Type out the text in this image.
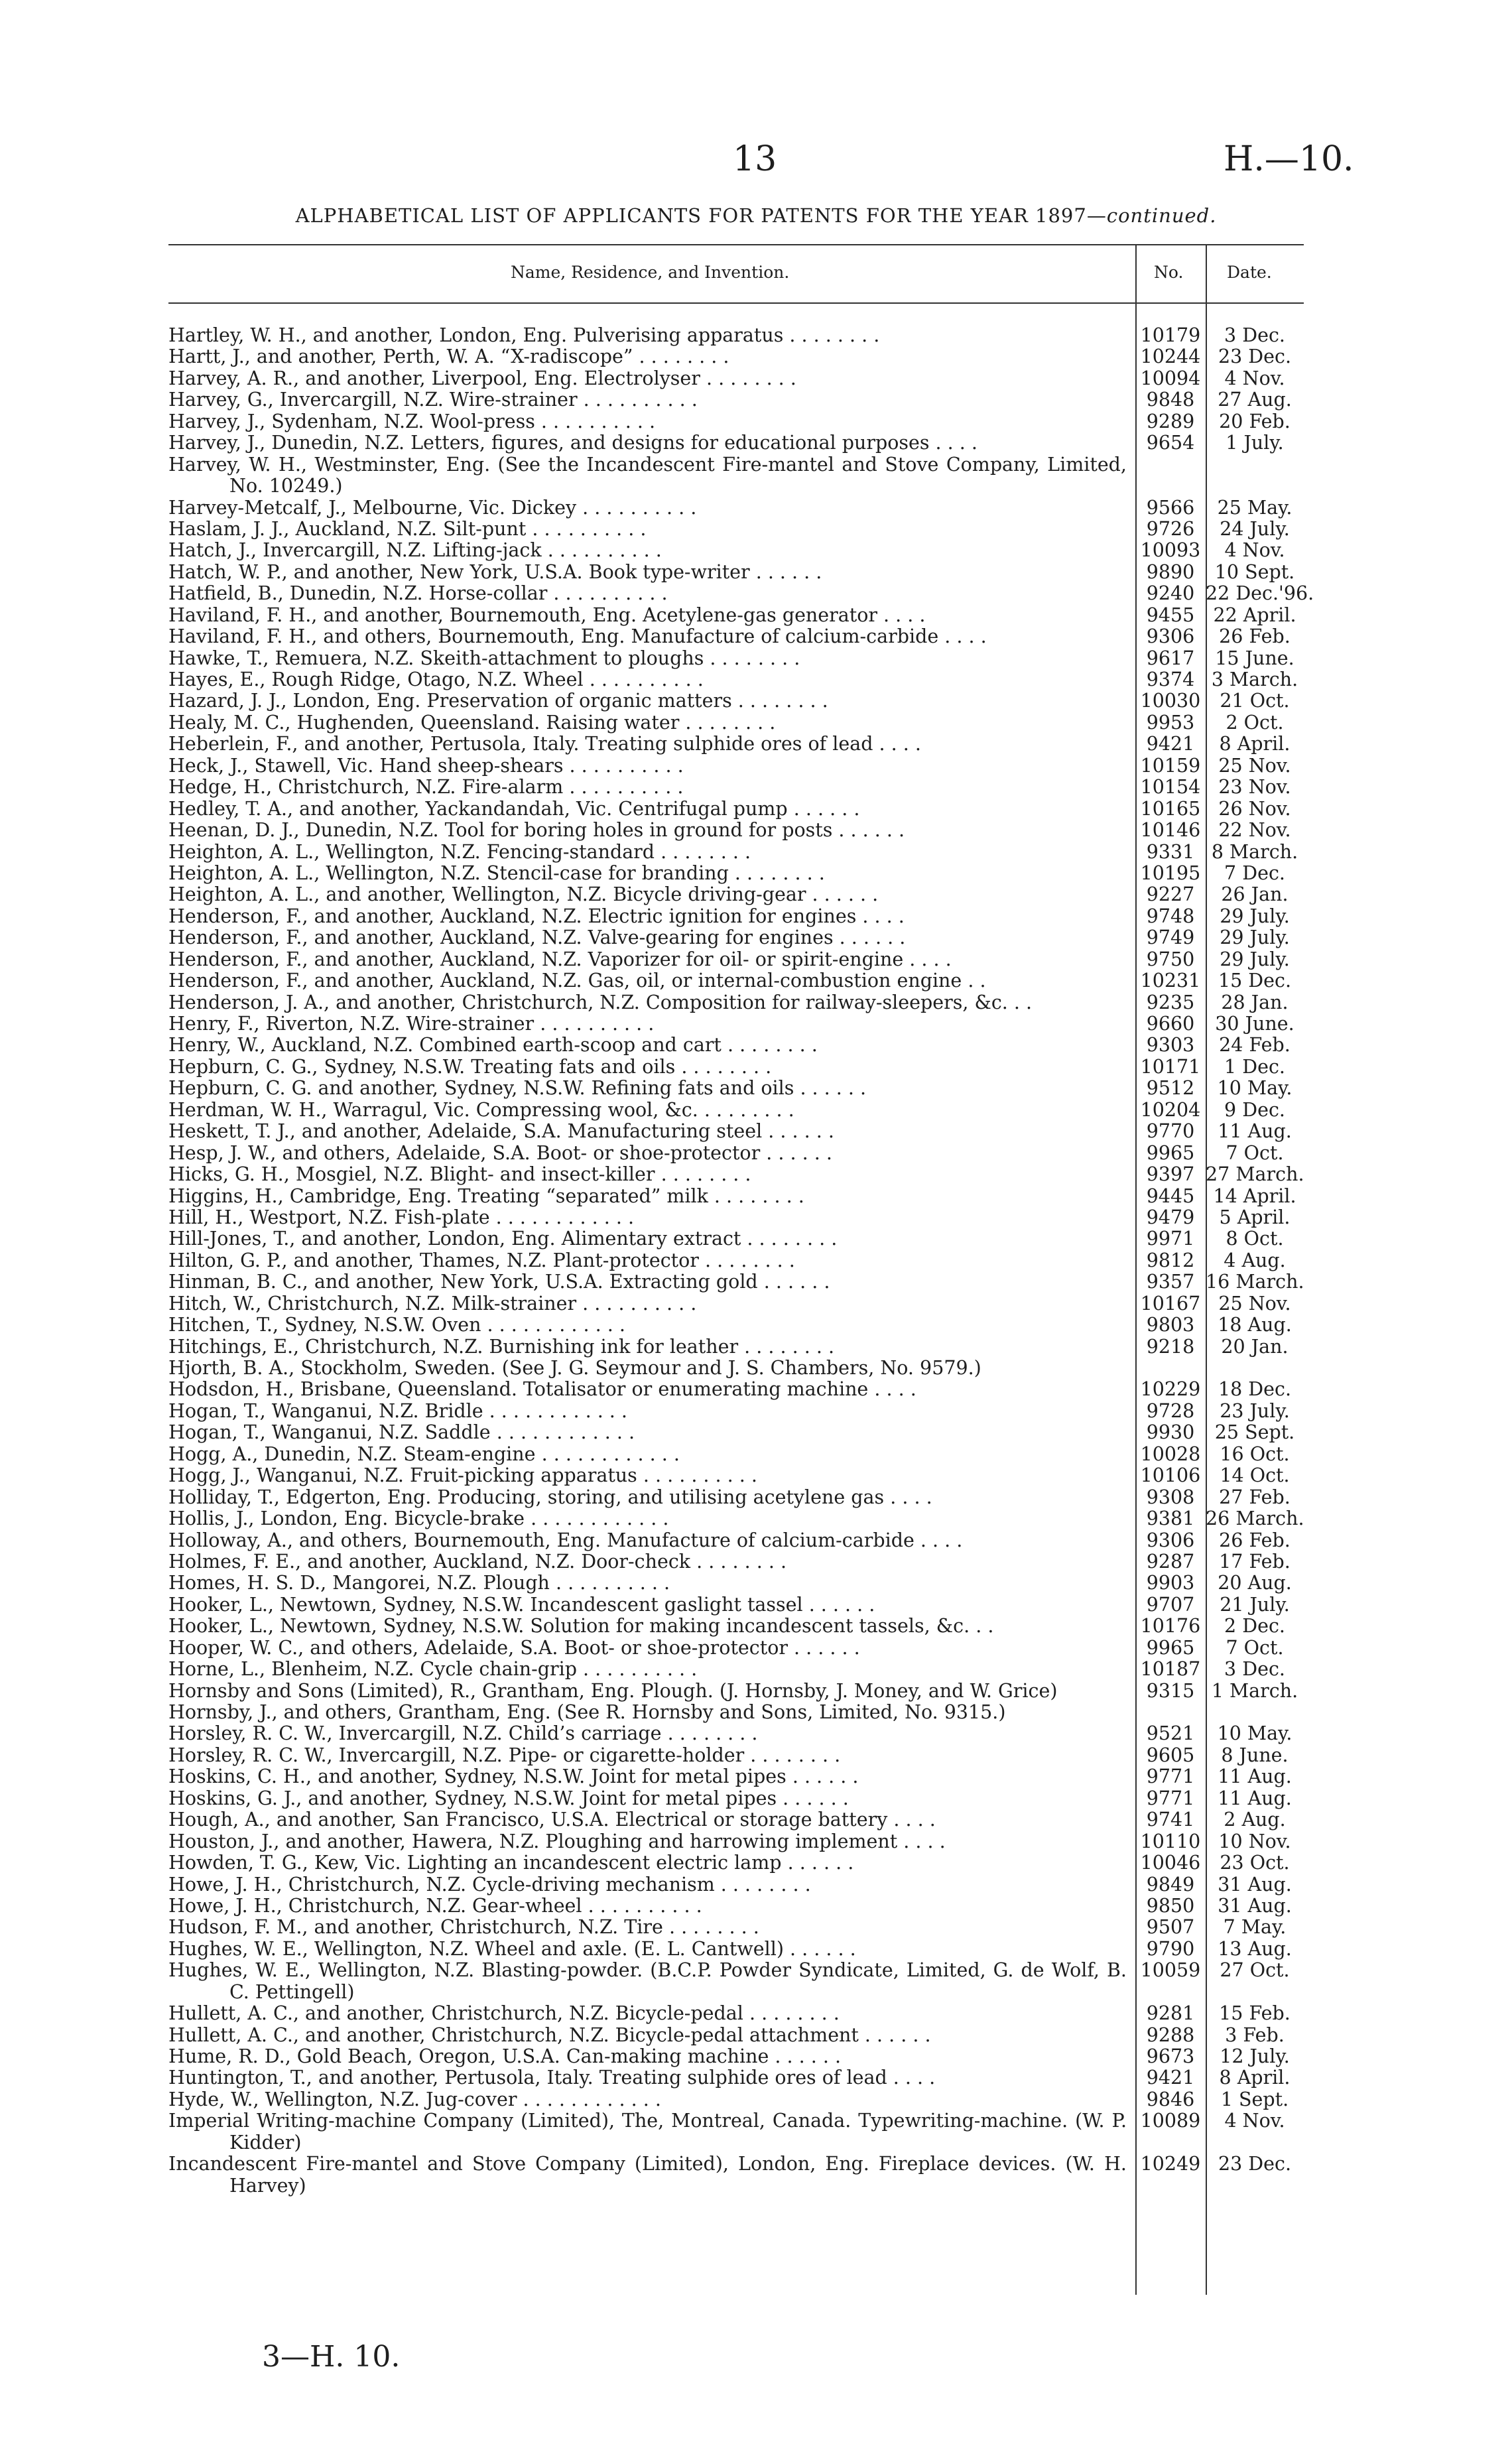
13	H.—10.
ALPHABETICAL LIST OF APPLICANTS FOR PATENTS FOR THE YEAR 1897—continued.
Name, Residence, and Invention.	No.	Date.
Hartley, W. H., and another, London, Eng. Pulverising apparatus . . . . . . . .	10179	3 Dec.
Hartt, J., and another, Perth, W. A. “X-radiscope” . . . . . . . .	10244 23 Dec.
Harvey, A. R., and another, Liverpool, Eng. Electrolyser . . . . . . . .	10094	4 Nov.
Harvey, G., Invercargill, N.Z. Wire-strainer . . . . . . . . . .	9848	27 Aug.
Harvey, J., Sydenham, N.Z. Wool-press . . . . . . . . . .	9289	20 Feb.
Harvey, J., Dunedin, N.Z. Letters, figures, and designs for educational purposes . . . .	9654	1 July.
Harvey, W. H., Westminster, Eng. (See the Incandescent Fire-mantel and Stove Company, Limited, No. 10249.)
Harvey-Metcalf, J., Melbourne, Vic. Dickey . . . . . . . . . .	9566	25 May.
Haslam, J. J., Auckland, N.Z. Silt-punt . . . . . . . . . .	9726	24 July.
Hatch, J., Invercargill, N.Z. Lifting-jack . . . . . . . . . .	10093	4 Nov.
Hatch, W. P., and another, New York, U.S.A. Book type-writer . . . . . .	9890	10 Sept.
Hatfield, B., Dunedin, N.Z. Horse-collar . . . . . . . . . .	9240 22 Dec.'96.
Haviland, F. H., and another, Bournemouth, Eng. Acetylene-gas generator . . . .	9455 22 April.
Haviland, F. H., and others, Bournemouth, Eng. Manufacture of calcium-carbide . . . .	9306	26 Feb.
Hawke, T., Remuera, N.Z. Skeith-attachment to ploughs . . . . . . . .	9617	15 June.
Hayes, E., Rough Ridge, Otago, N.Z. Wheel . . . . . . . . . .	9374 3 March.
Hazard, J. J., London, Eng. Preservation of organic matters . . . . . . . .	10030	21 Oct.
Healy, M. C., Hughenden, Queensland. Raising water . . . . . . . .	9953	2 Oct.
Heberlein, F., and another, Pertusola, Italy. Treating sulphide ores of lead . . . .	9421	8 April.
Heck, J., Stawell, Vic. Hand sheep-shears . . . . . . . . . .	10159 25 Nov.
Hedge, H., Christchurch, N.Z. Fire-alarm . . . . . . . . . .	10154 23 Nov.
Hedley, T. A., and another, Yackandandah, Vic. Centrifugal pump . . . . . .	10165 26 Nov.
Heenan, D. J., Dunedin, N.Z. Tool for boring holes in ground for posts . . . . . .	10146 22 Nov.
Heighton, A. L., Wellington, N.Z. Fencing-standard . . . . . . . .	9331 8 March.
Heighton, A. L., Wellington, N.Z. Stencil-case for branding . . . . . . . .	10195	7 Dec.
Heighton, A. L., and another, Wellington, N.Z. Bicycle driving-gear . . . . . .	9227	26 Jan.
Henderson, F., and another, Auckland, N.Z. Electric ignition for engines . . . .	9748	29 July.
Henderson, F., and another, Auckland, N.Z. Valve-gearing for engines . . . . . .	9749	29 July.
Henderson, F., and another, Auckland, N.Z. Vaporizer for oil- or spirit-engine . . . .	9750	29 July.
Henderson, F., and another, Auckland, N.Z. Gas, oil, or internal-combustion engine . .	10231 15 Dec.
Henderson, J. A., and another, Christchurch, N.Z. Composition for railway-sleepers, &c. . .	9235	28 Jan.
Henry, F., Riverton, N.Z. Wire-strainer . . . . . . . . . .	9660	30 June.
Henry, W., Auckland, N.Z. Combined earth-scoop and cart . . . . . . . .	9303	24 Feb.
Hepburn, C. G., Sydney, N.S.W. Treating fats and oils . . . . . . . .	10171	1 Dec.
Hepburn, C. G. and another, Sydney, N.S.W. Refining fats and oils . . . . . .	9512	10 May.
Herdman, W. H., Warragul, Vic. Compressing wool, &c. . . . . . . . .	10204	9 Dec.
Heskett, T. J., and another, Adelaide, S.A. Manufacturing steel . . . . . .	9770	11 Aug.
Hesp, J. W., and others, Adelaide, S.A. Boot- or shoe-protector . . . . . .	9965	7 Oct.
Hicks, G. H., Mosgiel, N.Z. Blight- and insect-killer . . . . . . . .	9397 27 March.
Higgins, H., Cambridge, Eng. Treating “separated” milk . . . . . . . .	9445 14 April.
Hill, H., Westport, N.Z. Fish-plate . . . . . . . . . . . .	9479	5 April.
Hill-Jones, T., and another, London, Eng. Alimentary extract . . . . . . . .	9971	8 Oct.
Hilton, G. P., and another, Thames, N.Z. Plant-protector . . . . . . . .	9812	4 Aug.
Hinman, B. C., and another, New York, U.S.A. Extracting gold . . . . . .	9357 16 March.
Hitch, W., Christchurch, N.Z. Milk-strainer . . . . . . . . . .	10167 25 Nov.
Hitchen, T., Sydney, N.S.W. Oven . . . . . . . . . . . .	9803	18 Aug.
Hitchings, E., Christchurch, N.Z. Burnishing ink for leather . . . . . . . .	9218	20 Jan.
Hjorth, B. A., Stockholm, Sweden. (See J. G. Seymour and J. S. Chambers, No. 9579.)
Hodsdon, H., Brisbane, Queensland. Totalisator or enumerating machine . . . .	10229 18 Dec.
Hogan, T., Wanganui, N.Z. Bridle . . . . . . . . . . . .	9728	23 July.
Hogan, T., Wanganui, N.Z. Saddle . . . . . . . . . . . .	9930	25 Sept.
Hogg, A., Dunedin, N.Z. Steam-engine . . . . . . . . . . . .	10028	16 Oct.
Hogg, J., Wanganui, N.Z. Fruit-picking apparatus . . . . . . . . . .	10106	14 Oct.
Holliday, T., Edgerton, Eng. Producing, storing, and utilising acetylene gas . . . .	9308	27 Feb.
Hollis, J., London, Eng. Bicycle-brake . . . . . . . . . . . .	9381 26 March.
Holloway, A., and others, Bournemouth, Eng. Manufacture of calcium-carbide . . . .	9306	26 Feb.
Holmes, F. E., and another, Auckland, N.Z. Door-check . . . . . . . .	9287	17 Feb.
Homes, H. S. D., Mangorei, N.Z. Plough . . . . . . . . . .	9903	20 Aug.
Hooker, L., Newtown, Sydney, N.S.W. Incandescent gaslight tassel . . . . . .	9707	21 July.
Hooker, L., Newtown, Sydney, N.S.W. Solution for making incandescent tassels, &c. . .	10176	2 Dec.
Hooper, W. C., and others, Adelaide, S.A. Boot- or shoe-protector . . . . . .	9965	7 Oct.
Horne, L., Blenheim, N.Z. Cycle chain-grip . . . . . . . . . .	10187	3 Dec.
Hornsby and Sons (Limited), R., Grantham, Eng. Plough. (J. Hornsby, J. Money, and W. Grice)	9315 1 March.
Hornsby, J., and others, Grantham, Eng. (See R. Hornsby and Sons, Limited, No. 9315.)
Horsley, R. C. W., Invercargill, N.Z. Child’s carriage . . . . . . . .	9521	10 May.
Horsley, R. C. W., Invercargill, N.Z. Pipe- or cigarette-holder . . . . . . . .	9605	8 June.
Hoskins, C. H., and another, Sydney, N.S.W. Joint for metal pipes . . . . . .	9771	11 Aug.
Hoskins, G. J., and another, Sydney, N.S.W. Joint for metal pipes . . . . . .	9771	11 Aug.
Hough, A., and another, San Francisco, U.S.A. Electrical or storage battery . . . .	9741	2 Aug.
Houston, J., and another, Hawera, N.Z. Ploughing and harrowing implement . . . .	10110 10 Nov.
Howden, T. G., Kew, Vic. Lighting an incandescent electric lamp . . . . . .	10046	23 Oct.
Howe, J. H., Christchurch, N.Z. Cycle-driving mechanism . . . . . . . .	9849	31 Aug.
Howe, J. H., Christchurch, N.Z. Gear-wheel . . . . . . . . . .	9850	31 Aug.
Hudson, F. M., and another, Christchurch, N.Z. Tire . . . . . . . .	9507	7 May.
Hughes, W. E., Wellington, N.Z. Wheel and axle. (E. L. Cantwell) . . . . . .	9790	13 Aug.
Hughes, W. E., Wellington, N.Z. Blasting-powder. (B.C.P. Powder Syndicate, Limited, G. de Wolf, B. C. Pettingell)
10059	27 Oct.
Hullett, A. C., and another, Christchurch, N.Z. Bicycle-pedal . . . . . . . .	9281	15 Feb.
Hullett, A. C., and another, Christchurch, N.Z. Bicycle-pedal attachment . . . . . .	9288	3 Feb.
Hume, R. D., Gold Beach, Oregon, U.S.A. Can-making machine . . . . . .	9673	12 July.
Huntington, T., and another, Pertusola, Italy. Treating sulphide ores of lead . . . .	9421	8 April.
Hyde, W., Wellington, N.Z. Jug-cover . . . . . . . . . . . .	9846	1 Sept.
Imperial Writing-machine Company (Limited), The, Montreal, Canada. Typewriting-machine. (W. P. Kidder)
10089	4 Nov.
Incandescent Fire-mantel and Stove Company (Limited), London, Eng. Fireplace devices. (W. H. Harvey)
10249 23 Dec.
3—H. 10.
